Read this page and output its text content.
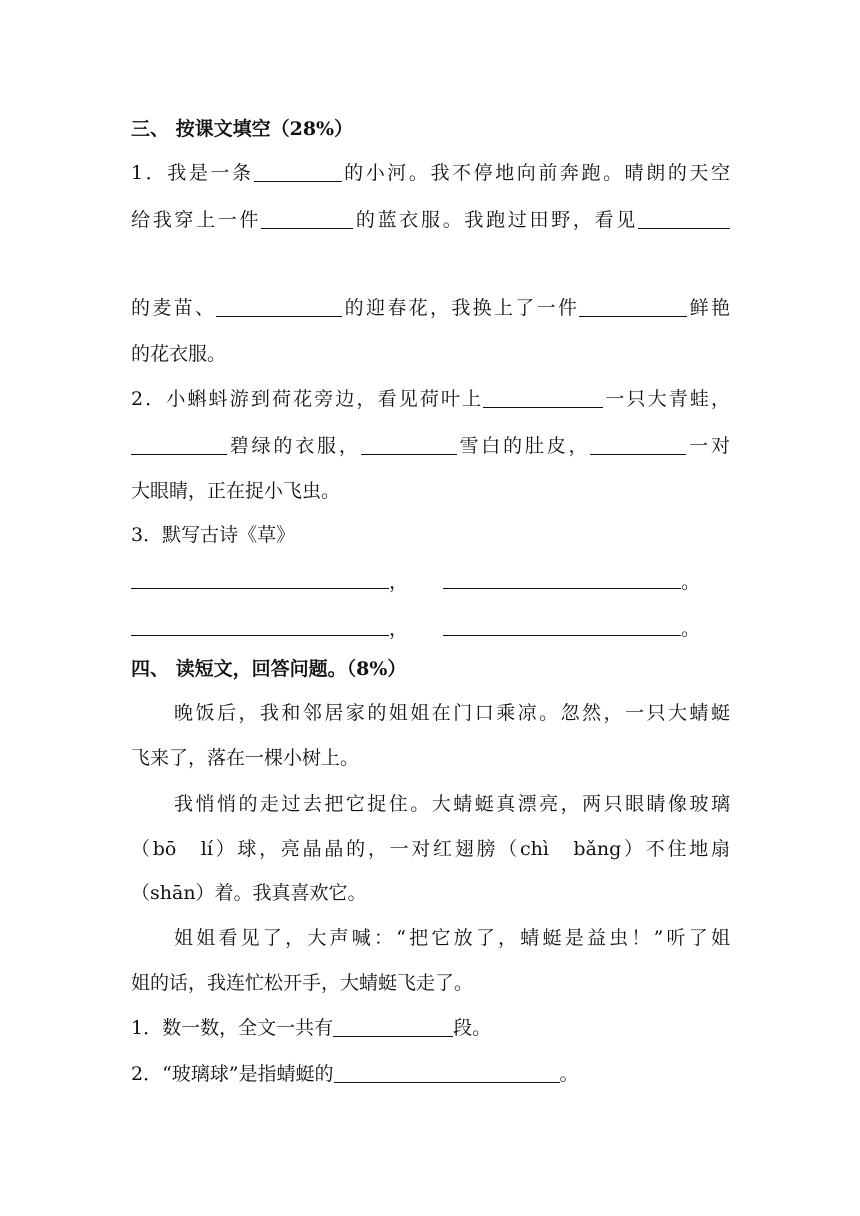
三、 按课文填空（28%）
1．我是一条	的小河。我不停地向前奔跑。晴朗的天空
给我穿上一件	的蓝衣服。我跑过田野，看见
的麦苗、	的迎春花，我换上了一件	鲜艳
的花衣服。
2．小蝌蚪游到荷花旁边，看见荷叶上	一只大青蛙，
碧绿的衣服，	雪白的肚皮，	一对
大眼睛，正在捉小飞虫。
3．默写古诗《草》
，	。
，	。
四、 读短文，回答问题。（8%）
晚饭后，我和邻居家的姐姐在门口乘凉。忽然，一只大蜻蜓
飞来了，落在一棵小树上。
我悄悄的走过去把它捉住。大蜻蜓真漂亮，两只眼睛像玻璃
（bō　lí）球，亮晶晶的，一对红翅膀（chì　bǎng）不住地扇
（shān）着。我真喜欢它。
姐姐看见了，大声喊：“把它放了，蜻蜓是益虫！”听了姐
姐的话，我连忙松开手，大蜻蜓飞走了。
1．数一数，全文一共有	段。
2．“玻璃球”是指蜻蜓的	。
